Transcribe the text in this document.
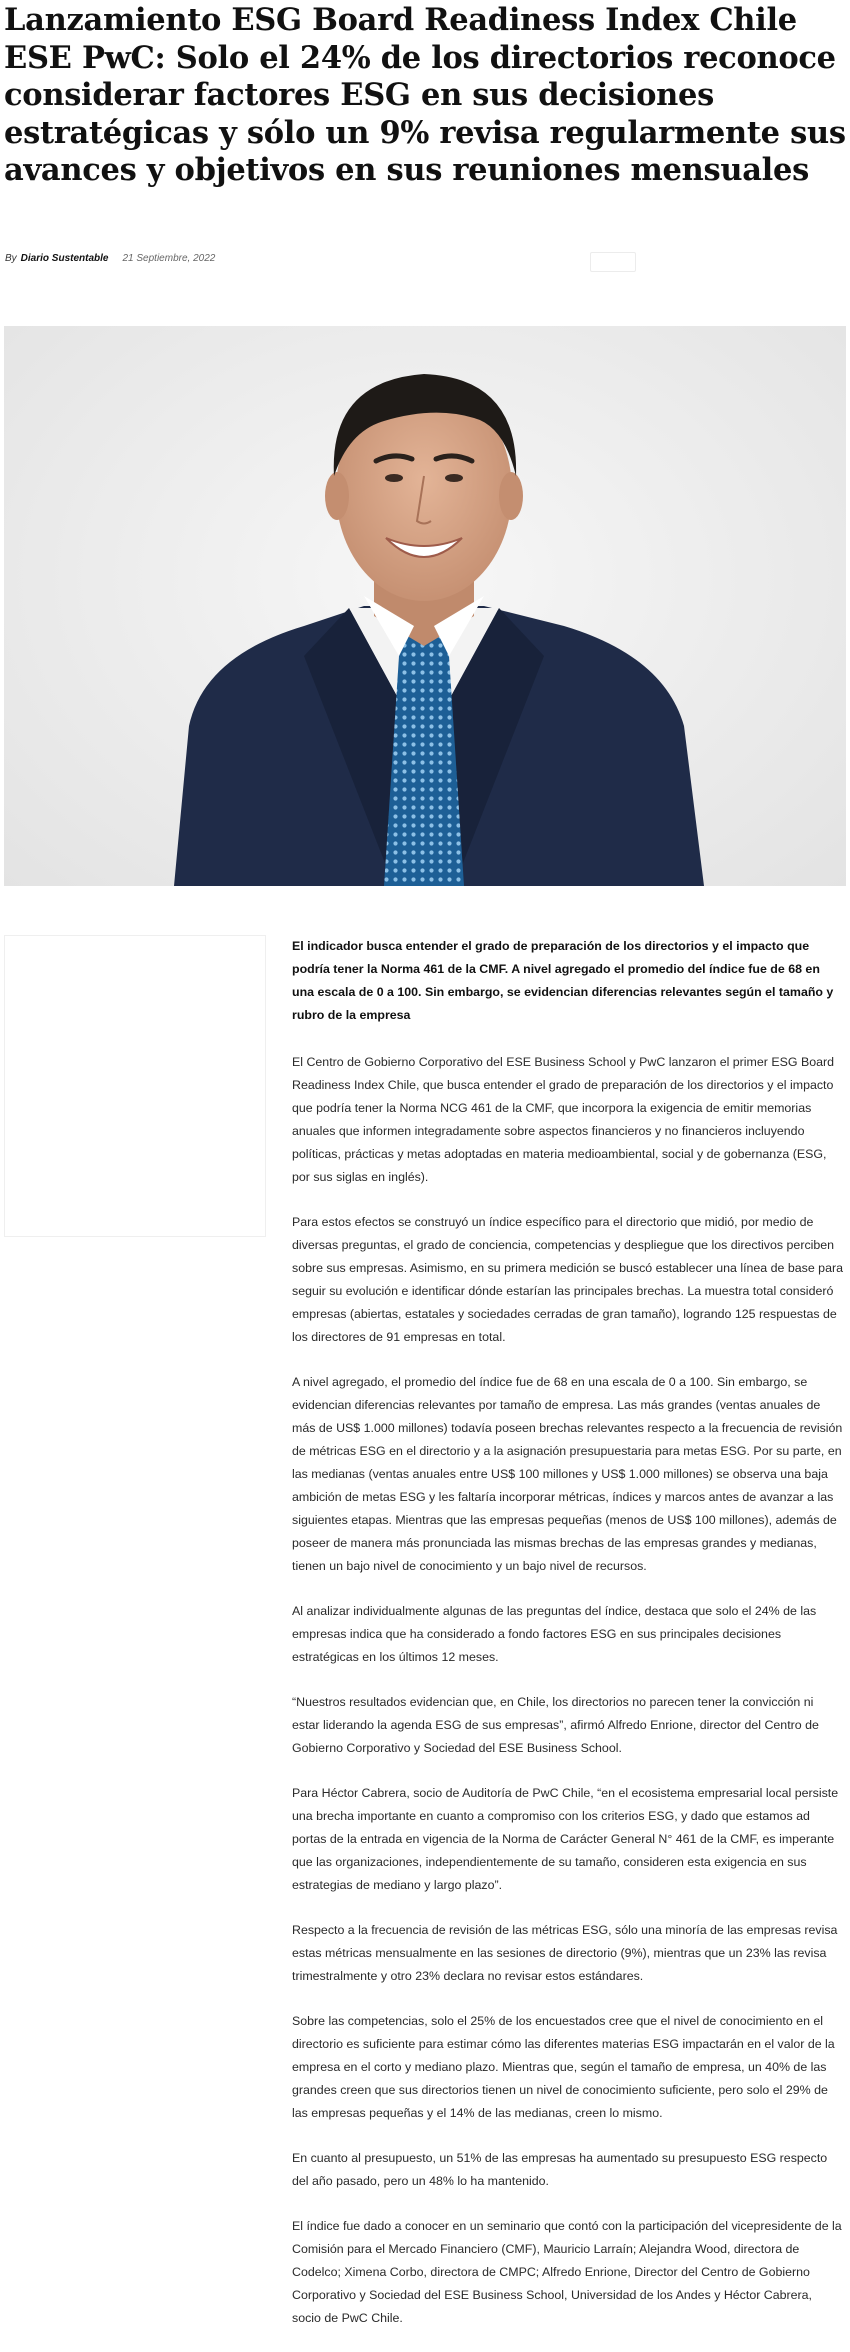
Lanzamiento ESG Board Readiness Index Chile ESE PwC: Solo el 24% de los directorios reconoce considerar factores ESG en sus decisiones estratégicas y sólo un 9% revisa regularmente sus avances y objetivos en sus reuniones mensuales
By Diario Sustentable 21 Septiembre, 2022

El indicador busca entender el grado de preparación de los directorios y el impacto que podría tener la Norma 461 de la CMF. A nivel agregado el promedio del índice fue de 68 en una escala de 0 a 100. Sin embargo, se evidencian diferencias relevantes según el tamaño y rubro de la empresa

El Centro de Gobierno Corporativo del ESE Business School y PwC lanzaron el primer ESG Board Readiness Index Chile, que busca entender el grado de preparación de los directorios y el impacto que podría tener la Norma NCG 461 de la CMF, que incorpora la exigencia de emitir memorias anuales que informen integradamente sobre aspectos financieros y no financieros incluyendo políticas, prácticas y metas adoptadas en materia medioambiental, social y de gobernanza (ESG, por sus siglas en inglés).

Para estos efectos se construyó un índice específico para el directorio que midió, por medio de diversas preguntas, el grado de conciencia, competencias y despliegue que los directivos perciben sobre sus empresas. Asimismo, en su primera medición se buscó establecer una línea de base para seguir su evolución e identificar dónde estarían las principales brechas. La muestra total consideró empresas (abiertas, estatales y sociedades cerradas de gran tamaño), logrando 125 respuestas de los directores de 91 empresas en total.

A nivel agregado, el promedio del índice fue de 68 en una escala de 0 a 100. Sin embargo, se evidencian diferencias relevantes por tamaño de empresa. Las más grandes (ventas anuales de más de US$ 1.000 millones) todavía poseen brechas relevantes respecto a la frecuencia de revisión de métricas ESG en el directorio y a la asignación presupuestaria para metas ESG. Por su parte, en las medianas (ventas anuales entre US$ 100 millones y US$ 1.000 millones) se observa una baja ambición de metas ESG y les faltaría incorporar métricas, índices y marcos antes de avanzar a las siguientes etapas. Mientras que las empresas pequeñas (menos de US$ 100 millones), además de poseer de manera más pronunciada las mismas brechas de las empresas grandes y medianas, tienen un bajo nivel de conocimiento y un bajo nivel de recursos.

Al analizar individualmente algunas de las preguntas del índice, destaca que solo el 24% de las empresas indica que ha considerado a fondo factores ESG en sus principales decisiones estratégicas en los últimos 12 meses.

“Nuestros resultados evidencian que, en Chile, los directorios no parecen tener la convicción ni estar liderando la agenda ESG de sus empresas”, afirmó Alfredo Enrione, director del Centro de Gobierno Corporativo y Sociedad del ESE Business School.

Para Héctor Cabrera, socio de Auditoría de PwC Chile, “en el ecosistema empresarial local persiste una brecha importante en cuanto a compromiso con los criterios ESG, y dado que estamos ad portas de la entrada en vigencia de la Norma de Carácter General N° 461 de la CMF, es imperante que las organizaciones, independientemente de su tamaño, consideren esta exigencia en sus estrategias de mediano y largo plazo”.

Respecto a la frecuencia de revisión de las métricas ESG, sólo una minoría de las empresas revisa estas métricas mensualmente en las sesiones de directorio (9%), mientras que un 23% las revisa trimestralmente y otro 23% declara no revisar estos estándares.

Sobre las competencias, solo el 25% de los encuestados cree que el nivel de conocimiento en el directorio es suficiente para estimar cómo las diferentes materias ESG impactarán en el valor de la empresa en el corto y mediano plazo. Mientras que, según el tamaño de empresa, un 40% de las grandes creen que sus directorios tienen un nivel de conocimiento suficiente, pero solo el 29% de las empresas pequeñas y el 14% de las medianas, creen lo mismo.

En cuanto al presupuesto, un 51% de las empresas ha aumentado su presupuesto ESG respecto del año pasado, pero un 48% lo ha mantenido.

El índice fue dado a conocer en un seminario que contó con la participación del vicepresidente de la Comisión para el Mercado Financiero (CMF), Mauricio Larraín; Alejandra Wood, directora de Codelco; Ximena Corbo, directora de CMPC; Alfredo Enrione, Director del Centro de Gobierno Corporativo y Sociedad del ESE Business School, Universidad de los Andes y Héctor Cabrera, socio de PwC Chile.
